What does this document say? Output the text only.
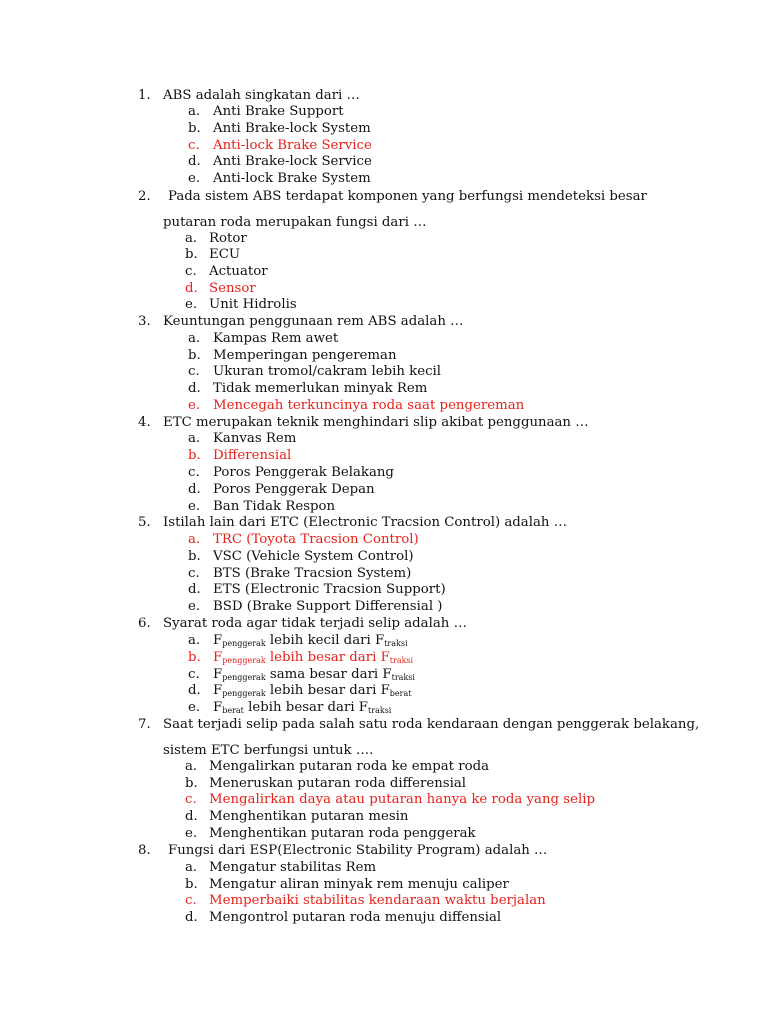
1. ABS adalah singkatan dari …
a. Anti Brake Support
b. Anti Brake-lock System
c. Anti-lock Brake Service
d. Anti Brake-lock Service
e. Anti-lock Brake System
2. Pada sistem ABS terdapat komponen yang berfungsi mendeteksi besar
putaran roda merupakan fungsi dari …
a. Rotor
b. ECU
c. Actuator
d. Sensor
e. Unit Hidrolis
3. Keuntungan penggunaan rem ABS adalah …
a. Kampas Rem awet
b. Memperingan pengereman
c. Ukuran tromol/cakram lebih kecil
d. Tidak memerlukan minyak Rem
e. Mencegah terkuncinya roda saat pengereman
4. ETC merupakan teknik menghindari slip akibat penggunaan …
a. Kanvas Rem
b. Differensial
c. Poros Penggerak Belakang
d. Poros Penggerak Depan
e. Ban Tidak Respon
5. Istilah lain dari ETC (Electronic Tracsion Control) adalah …
a. TRC (Toyota Tracsion Control)
b. VSC (Vehicle System Control)
c. BTS (Brake Tracsion System)
d. ETS (Electronic Tracsion Support)
e. BSD (Brake Support Differensial )
6. Syarat roda agar tidak terjadi selip adalah …
a. $F_{penggerak}$ lebih kecil dari $F_{traksi}$
b. $F_{penggerak}$ lebih besar dari $F_{traksi}$
c. $F_{penggerak}$ sama besar dari $F_{traksi}$
d. $F_{penggerak}$ lebih besar dari $F_{berat}$
e. $F_{berat}$ lebih besar dari $F_{traksi}$
7. Saat terjadi selip pada salah satu roda kendaraan dengan penggerak belakang,
sistem ETC berfungsi untuk ….
a. Mengalirkan putaran roda ke empat roda
b. Meneruskan putaran roda differensial
c. Mengalirkan daya atau putaran hanya ke roda yang selip
d. Menghentikan putaran mesin
e. Menghentikan putaran roda penggerak
8. Fungsi dari ESP(Electronic Stability Program) adalah …
a. Mengatur stabilitas Rem
b. Mengatur aliran minyak rem menuju caliper
c. Memperbaiki stabilitas kendaraan waktu berjalan
d. Mengontrol putaran roda menuju diffensial
